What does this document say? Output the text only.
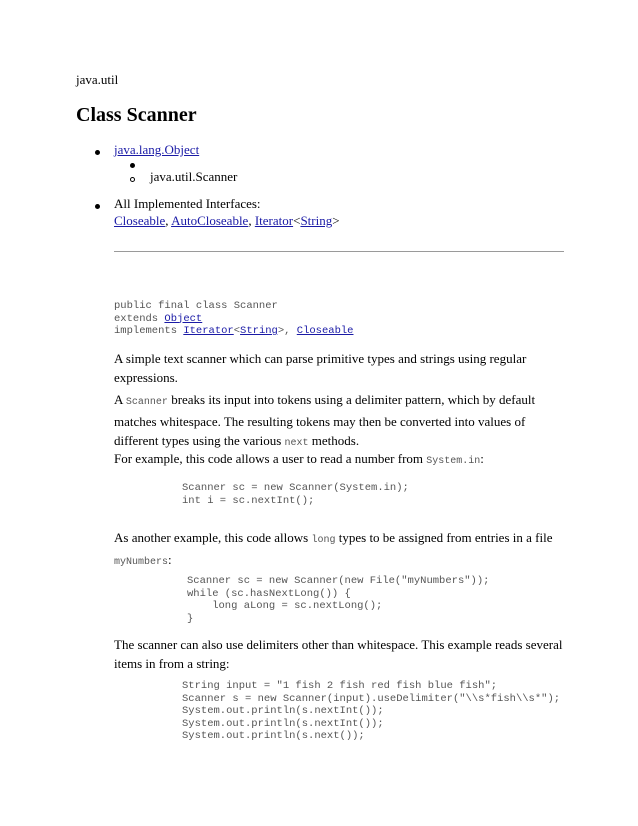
java.util
Class Scanner
java.lang.Object
java.util.Scanner
All Implemented Interfaces:
Closeable, AutoCloseable, Iterator<String>
public final class Scanner
extends Object
implements Iterator<String>, Closeable

A simple text scanner which can parse primitive types and strings using regular expressions.

A Scanner breaks its input into tokens using a delimiter pattern, which by default matches whitespace. The resulting tokens may then be converted into values of different types using the various next methods.

For example, this code allows a user to read a number from System.in:

Scanner sc = new Scanner(System.in);
int i = sc.nextInt();

As another example, this code allows long types to be assigned from entries in a file myNumbers:

Scanner sc = new Scanner(new File("myNumbers"));
while (sc.hasNextLong()) {
long aLong = sc.nextLong();
}

The scanner can also use delimiters other than whitespace. This example reads several items in from a string:

String input = "1 fish 2 fish red fish blue fish";
Scanner s = new Scanner(input).useDelimiter("\\s*fish\\s*");
System.out.println(s.nextInt());
System.out.println(s.nextInt());
System.out.println(s.next());
